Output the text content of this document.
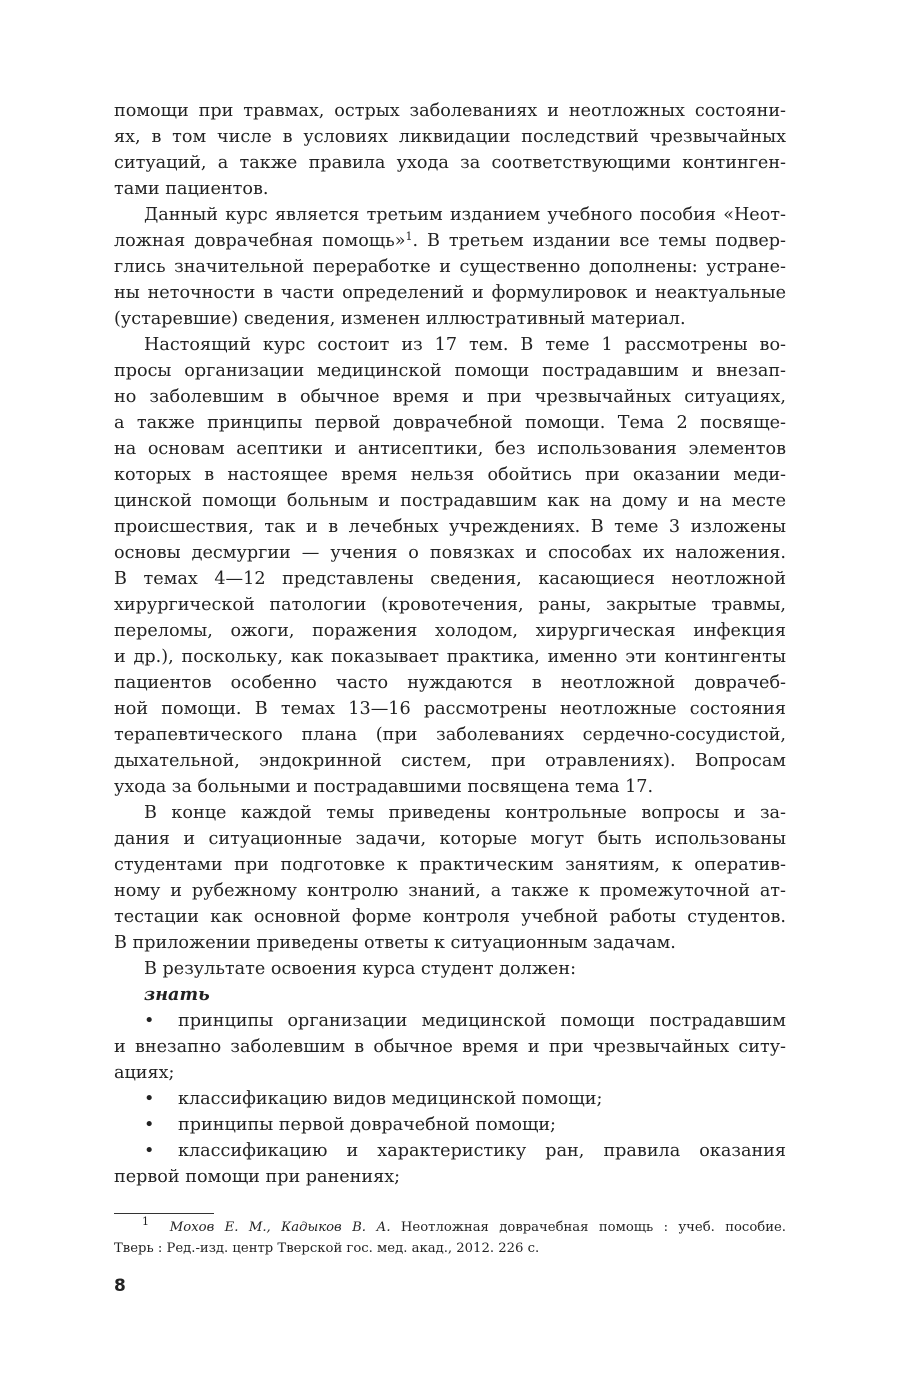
помощи при травмах, острых заболеваниях и неотложных состояни-
ях, в том числе в условиях ликвидации последствий чрезвычайных
ситуаций, а также правила ухода за соответствующими континген-
тами пациентов.
Данный курс является третьим изданием учебного пособия «Неот-
ложная доврачебная помощь»$^1$. В третьем издании все темы подвер-
глись значительной переработке и существенно дополнены: устране-
ны неточности в части определений и формулировок и неактуальные
(устаревшие) сведения, изменен иллюстративный материал.
Настоящий курс состоит из 17 тем. В теме 1 рассмотрены во-
просы организации медицинской помощи пострадавшим и внезап-
но заболевшим в обычное время и при чрезвычайных ситуациях,
а также принципы первой доврачебной помощи. Тема 2 посвяще-
на основам асептики и антисептики, без использования элементов
которых в настоящее время нельзя обойтись при оказании меди-
цинской помощи больным и пострадавшим как на дому и на месте
происшествия, так и в лечебных учреждениях. В теме 3 изложены
основы десмургии — учения о повязках и способах их наложения.
В темах 4—12 представлены сведения, касающиеся неотложной
хирургической патологии (кровотечения, раны, закрытые травмы,
переломы, ожоги, поражения холодом, хирургическая инфекция
и др.), поскольку, как показывает практика, именно эти контингенты
пациентов особенно часто нуждаются в неотложной доврачеб-
ной помощи. В темах 13—16 рассмотрены неотложные состояния
терапевтического плана (при заболеваниях сердечно-сосудистой,
дыхательной, эндокринной систем, при отравлениях). Вопросам
ухода за больными и пострадавшими посвящена тема 17.
В конце каждой темы приведены контрольные вопросы и за-
дания и ситуационные задачи, которые могут быть использованы
студентами при подготовке к практическим занятиям, к оператив-
ному и рубежному контролю знаний, а также к промежуточной ат-
тестации как основной форме контроля учебной работы студентов.
В приложении приведены ответы к ситуационным задачам.
В результате освоения курса студент должен:
знать
• принципы организации медицинской помощи пострадавшим
и внезапно заболевшим в обычное время и при чрезвычайных ситу-
ациях;
• классификацию видов медицинской помощи;
• принципы первой доврачебной помощи;
• классификацию и характеристику ран, правила оказания
первой помощи при ранениях;
$^1$ Мохов Е. М., Кадыков В. А. Неотложная доврачебная помощь : учеб. пособие.
Тверь : Ред.-изд. центр Тверской гос. мед. акад., 2012. 226 с.
8
